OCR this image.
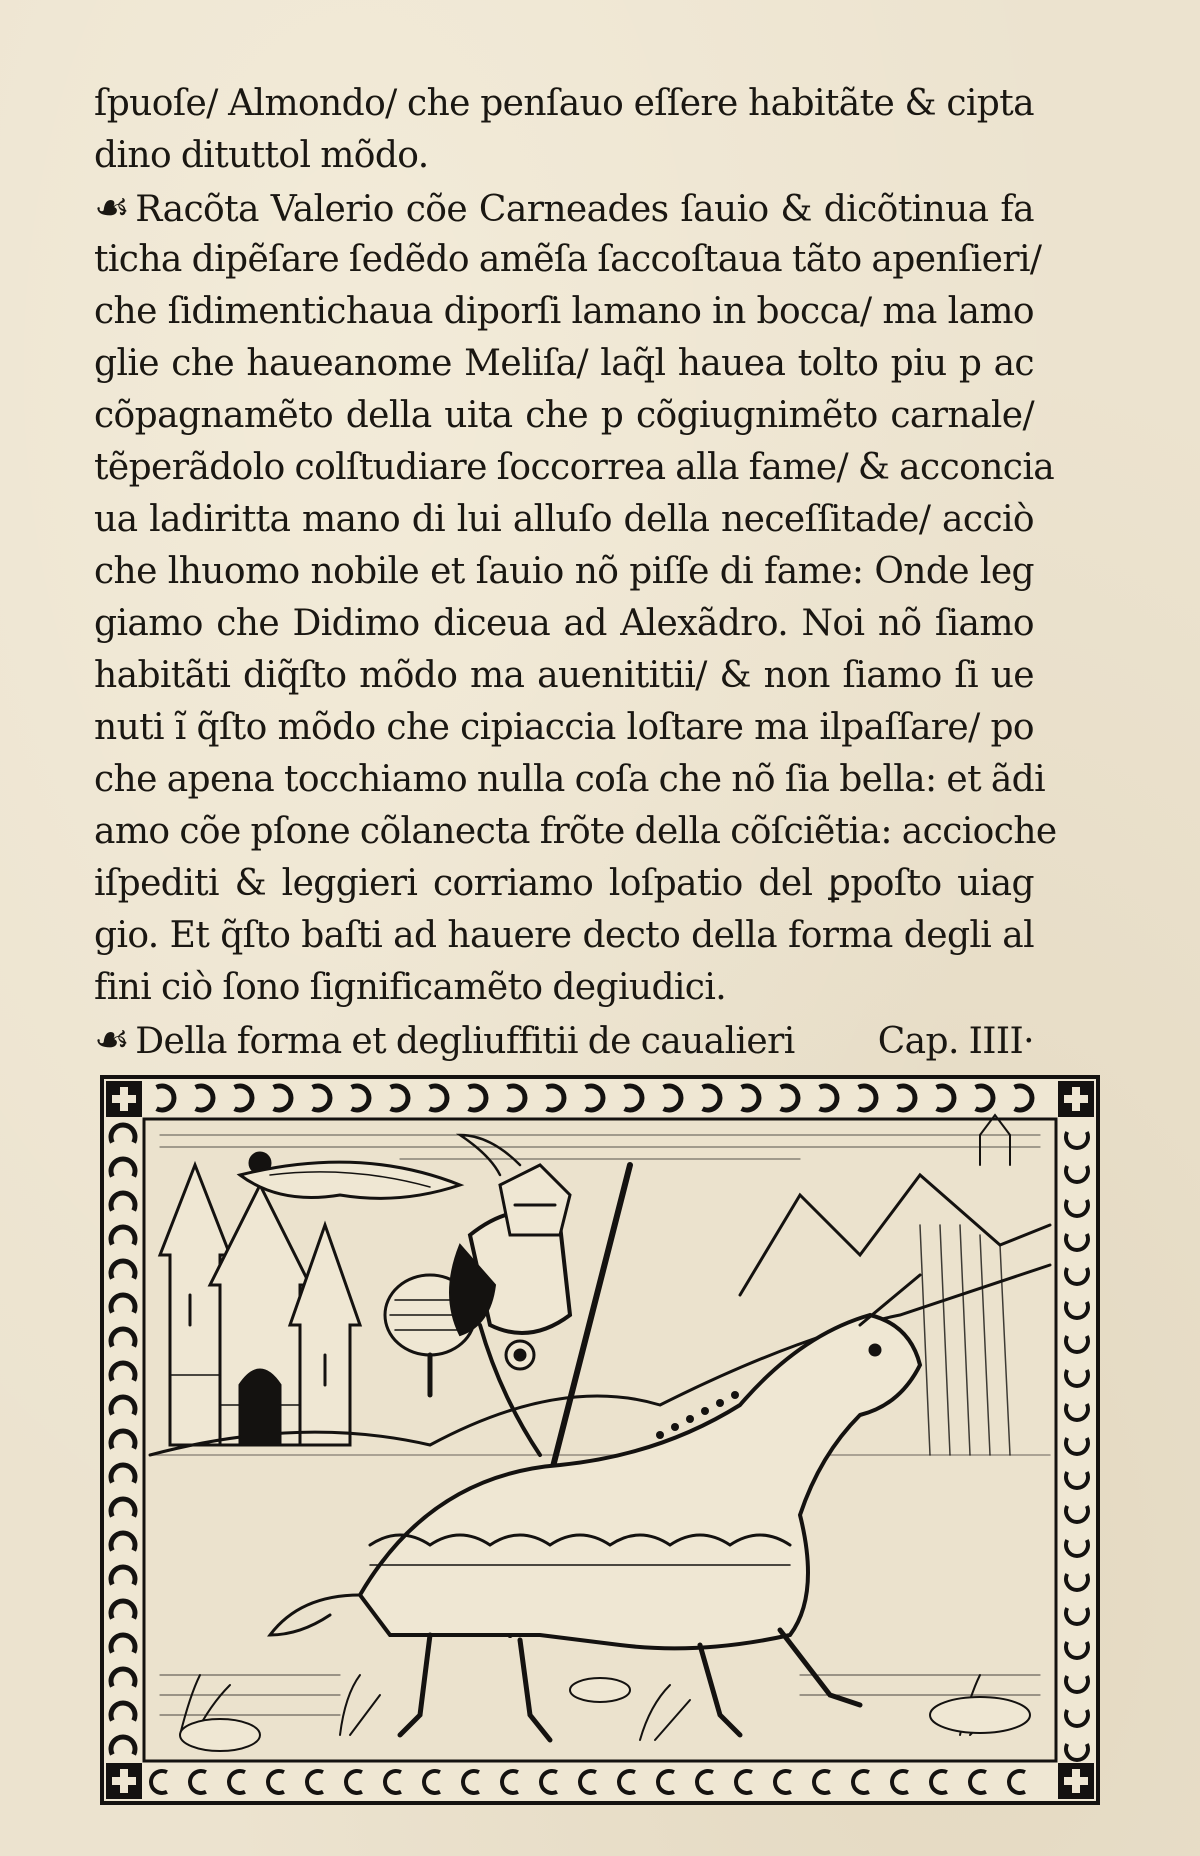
ſpuoſe/ Almondo/ che penſauo eſſere habitãte & cipta
dino dituttol mõdo.
☙ Racõta Valerio cõe Carneades ſauio & dicõtinua fa
ticha dipẽſare ſedẽdo amẽſa ſaccoſtaua tãto apenſieri/
che ſidimentichaua diporſi lamano in bocca/ ma lamo
glie che haueanome Meliſa/ laq̃l hauea tolto piu p ac
cõpagnamẽto della uita che p cõgiugnimẽto carnale/
tẽperãdolo colſtudiare ſoccorrea alla fame/ & acconcia
ua ladiritta mano di lui alluſo della neceſſitade/ acciò
che lhuomo nobile et ſauio nõ piſſe di fame: Onde leg
giamo che Didimo diceua ad Alexãdro. Noi nõ ſiamo
habitãti diq̃ſto mõdo ma auenititii/ & non ſiamo ſi ue
nuti ĩ q̃ſto mõdo che cipiaccia loſtare ma ilpaſſare/ po
che apena tocchiamo nulla coſa che nõ ſia bella: et ãdi
amo cõe pſone cõlanecta frõte della cõſciẽtia: accioche
iſpediti & leggieri corriamo loſpatio del ꝑpoſto uiag
gio. Et q̃ſto baſti ad hauere decto della forma degli al
fini ciò ſono ſignificamẽto degiudici.
☙ Della forma et degliuffitii de caualieri Cap. IIII·
